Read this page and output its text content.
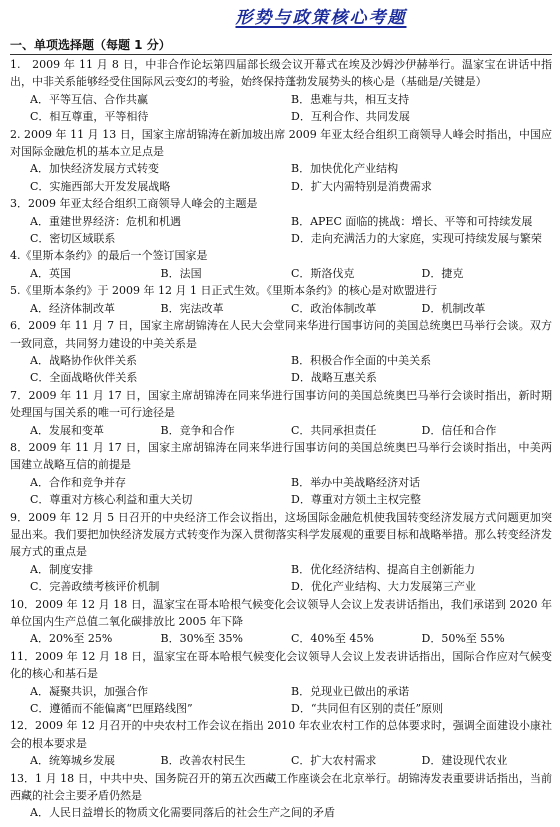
形势与政策核心考题
一、单项选择题（每题 1 分）
1.　2009 年 11 月 8 日，中非合作论坛第四届部长级会议开幕式在埃及沙姆沙伊赫举行。温家宝在讲话中指出，中非关系能够经受住国际风云变幻的考验，始终保持蓬勃发展势头的核心是（基础是/关键是）
A．平等互信、合作共赢	B．患难与共，相互支持
C．相互尊重，平等相待	D．互利合作、共同发展
2. 2009 年 11 月 13 日，国家主席胡锦涛在新加坡出席 2009 年亚太经合组织工商领导人峰会时指出，中国应对国际金融危机的基本立足点是
A．加快经济发展方式转变	B．加快优化产业结构
C．实施西部大开发发展战略	D．扩大内需特别是消费需求
3．2009 年亚太经合组织工商领导人峰会的主题是
A．重建世界经济：危机和机遇	B．APEC 面临的挑战：增长、平等和可持续发展
C．密切区域联系	D．走向充满活力的大家庭，实现可持续发展与繁荣
4.《里斯本条约》的最后一个签订国家是
A．英国	B．法国	C．斯洛伐克	D．捷克
5.《里斯本条约》于 2009 年 12 月 1 日正式生效。《里斯本条约》的核心是对欧盟进行
A．经济体制改革	B．宪法改革	C．政治体制改革	D．机制改革
6．2009 年 11 月 7 日，国家主席胡锦涛在人民大会堂同来华进行国事访问的美国总统奥巴马举行会谈。双方一致同意，共同努力建设的中美关系是
A．战略协作伙伴关系	B．积极合作全面的中美关系
C．全面战略伙伴关系	D．战略互惠关系
7．2009 年 11 月 17 日，国家主席胡锦涛在同来华进行国事访问的美国总统奥巴马举行会谈时指出，新时期处理国与国关系的唯一可行途径是
A．发展和变革	B．竞争和合作	C．共同承担责任	D．信任和合作
8．2009 年 11 月 17 日，国家主席胡锦涛在同来华进行国事访问的美国总统奥巴马举行会谈时指出，中美两国建立战略互信的前提是
A．合作和竞争并存	B．举办中美战略经济对话
C．尊重对方核心利益和重大关切	D．尊重对方领土主权完整
9．2009 年 12 月 5 日召开的中央经济工作会议指出，这场国际金融危机使我国转变经济发展方式问题更加突显出来。我们要把加快经济发展方式转变作为深入贯彻落实科学发展观的重要目标和战略举措。那么转变经济发展方式的重点是
A．制度安排	B．优化经济结构、提高自主创新能力
C．完善政绩考核评价机制	D．优化产业结构、大力发展第三产业
10．2009 年 12 月 18 日，温家宝在哥本哈根气候变化会议领导人会议上发表讲话指出，我们承诺到 2020 年单位国内生产总值二氧化碳排放比 2005 年下降
A．20%至 25%	B．30%至 35%	C．40%至 45%	D．50%至 55%
11．2009 年 12 月 18 日，温家宝在哥本哈根气候变化会议领导人会议上发表讲话指出，国际合作应对气候变化的核心和基石是
A．凝聚共识，加强合作	B．兑现业已做出的承诺
C．遵循而不能偏离“巴厘路线图”	D．“共同但有区别的责任”原则
12．2009 年 12 月召开的中央农村工作会议在指出 2010 年农业农村工作的总体要求时，强调全面建设小康社会的根本要求是
A．统筹城乡发展	B．改善农村民生	C．扩大农村需求	D．建设现代农业
13．1 月 18 日，中共中央、国务院召开的第五次西藏工作座谈会在北京举行。胡锦涛发表重要讲话指出，当前西藏的社会主要矛盾仍然是
A．人民日益增长的物质文化需要同落后的社会生产之间的矛盾
